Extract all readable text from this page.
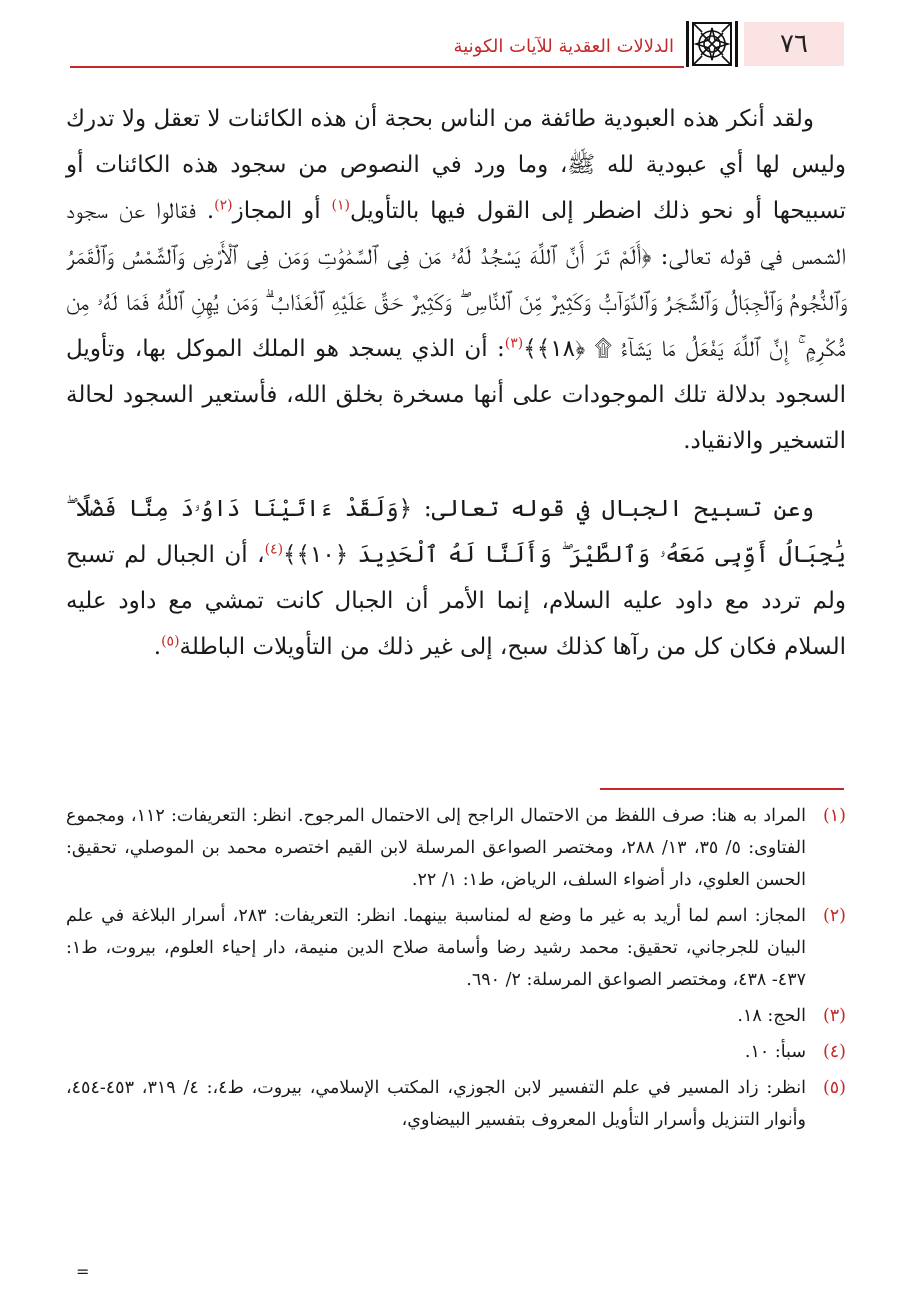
٧٦
الدلالات العقدية للآيات الكونية

ولقد أنكر هذه العبودية طائفة من الناس بحجة أن هذه الكائنات لا تعقل ولا تدرك وليس لها أي عبودية لله ﷺ، وما ورد في النصوص من سجود هذه الكائنات أو تسبيحها أو نحو ذلك اضطر إلى القول فيها بالتأويل$^{(١)}$ أو المجاز$^{(٢)}$. فقالوا عن سجود الشمس في قوله تعالى: ﴿أَلَمْ تَرَ أَنَّ ٱللَّهَ يَسْجُدُ لَهُۥ مَن فِى ٱلسَّمَٰوَٰتِ وَمَن فِى ٱلْأَرْضِ وَٱلشَّمْسُ وَٱلْقَمَرُ وَٱلنُّجُومُ وَٱلْجِبَالُ وَٱلشَّجَرُ وَٱلدَّوَآبُّ وَكَثِيرٌ مِّنَ ٱلنَّاسِ ۖ وَكَثِيرٌ حَقَّ عَلَيْهِ ٱلْعَذَابُ ۗ وَمَن يُهِنِ ٱللَّهُ فَمَا لَهُۥ مِن مُّكْرِمٍ ۚ إِنَّ ٱللَّهَ يَفْعَلُ مَا يَشَآءُ ۩ ﴿١٨﴾﴾$^{(٣)}$: أن الذي يسجد هو الملك الموكل بها، وتأويل السجود بدلالة تلك الموجودات على أنها مسخرة بخلق الله، فأستعير السجود لحالة التسخير والانقياد.

وعن تسبيح الجبال في قوله تعالى: ﴿وَلَقَدْ ءَاتَيْنَا دَاوُۥدَ مِنَّا فَضْلًا ۖ يَٰجِبَالُ أَوِّبِى مَعَهُۥ وَٱلطَّيْرَ ۖ وَأَلَنَّا لَهُ ٱلْحَدِيدَ ﴿١٠﴾﴾$^{(٤)}$، أن الجبال لم تسبح ولم تردد مع داود عليه السلام، إنما الأمر أن الجبال كانت تمشي مع داود عليه السلام فكان كل من رآها كذلك سبح، إلى غير ذلك من التأويلات الباطلة$^{(٥)}$.

(١)
المراد به هنا: صرف اللفظ من الاحتمال الراجح إلى الاحتمال المرجوح. انظر: التعريفات: ١١٢، ومجموع الفتاوى: ٥/ ٣٥، ١٣/ ٢٨٨، ومختصر الصواعق المرسلة لابن القيم اختصره محمد بن الموصلي، تحقيق: الحسن العلوي، دار أضواء السلف، الرياض، ط١: ١/ ٢٢.
(٢)
المجاز: اسم لما أريد به غير ما وضع له لمناسبة بينهما. انظر: التعريفات: ٢٨٣، أسرار البلاغة في علم البيان للجرجاني، تحقيق: محمد رشيد رضا وأسامة صلاح الدين منيمة، دار إحياء العلوم، بيروت، ط١: ٤٣٧- ٤٣٨، ومختصر الصواعق المرسلة: ٢/ ٦٩٠.
(٣)
الحج: ١٨.
(٤)
سبأ: ١٠.
(٥)
انظر: زاد المسير في علم التفسير لابن الجوزي، المكتب الإسلامي، بيروت، ط٤،: ٤/ ٣١٩، ٤٥٣-٤٥٤، وأنوار التنزيل وأسرار التأويل المعروف بتفسير البيضاوي،
=
